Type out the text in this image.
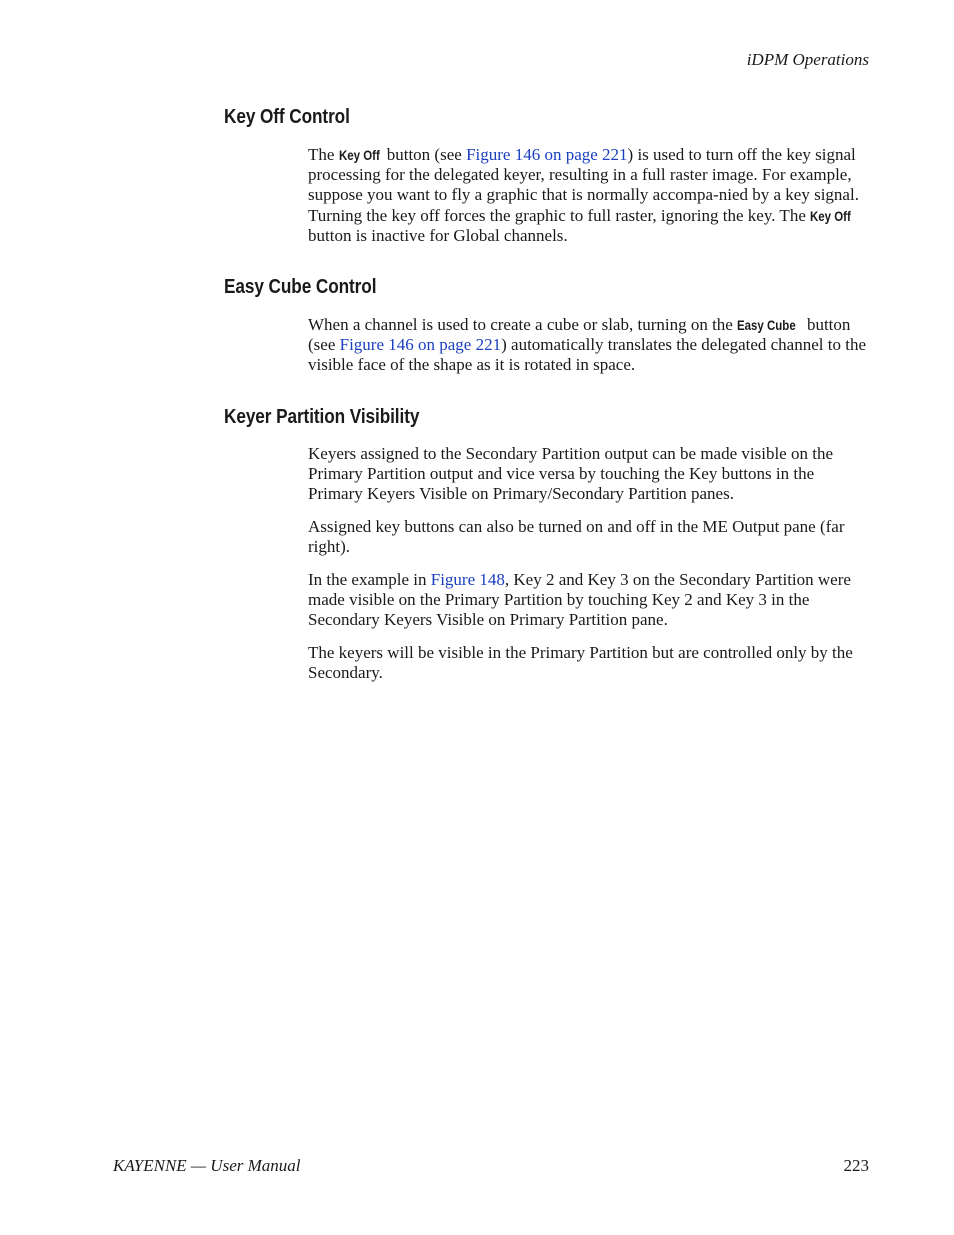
iDPM Operations
Key Off Control

The Key Off button (see Figure 146 on page 221) is used to turn off the key signal processing for the delegated keyer, resulting in a full raster image. For example, suppose you want to fly a graphic that is normally accompa-nied by a key signal. Turning the key off forces the graphic to full raster, ignoring the key. The Key Off button is inactive for Global channels.

Easy Cube Control

When a channel is used to create a cube or slab, turning on the Easy Cube button (see Figure 146 on page 221) automatically translates the delegated channel to the visible face of the shape as it is rotated in space.

Keyer Partition Visibility

Keyers assigned to the Secondary Partition output can be made visible on the Primary Partition output and vice versa by touching the Key buttons in the Primary Keyers Visible on Primary/Secondary Partition panes.

Assigned key buttons can also be turned on and off in the ME Output pane (far right).

In the example in Figure 148, Key 2 and Key 3 on the Secondary Partition were made visible on the Primary Partition by touching Key 2 and Key 3 in the Secondary Keyers Visible on Primary Partition pane.

The keyers will be visible in the Primary Partition but are controlled only by the Secondary.

KAYENNE — User Manual	223
